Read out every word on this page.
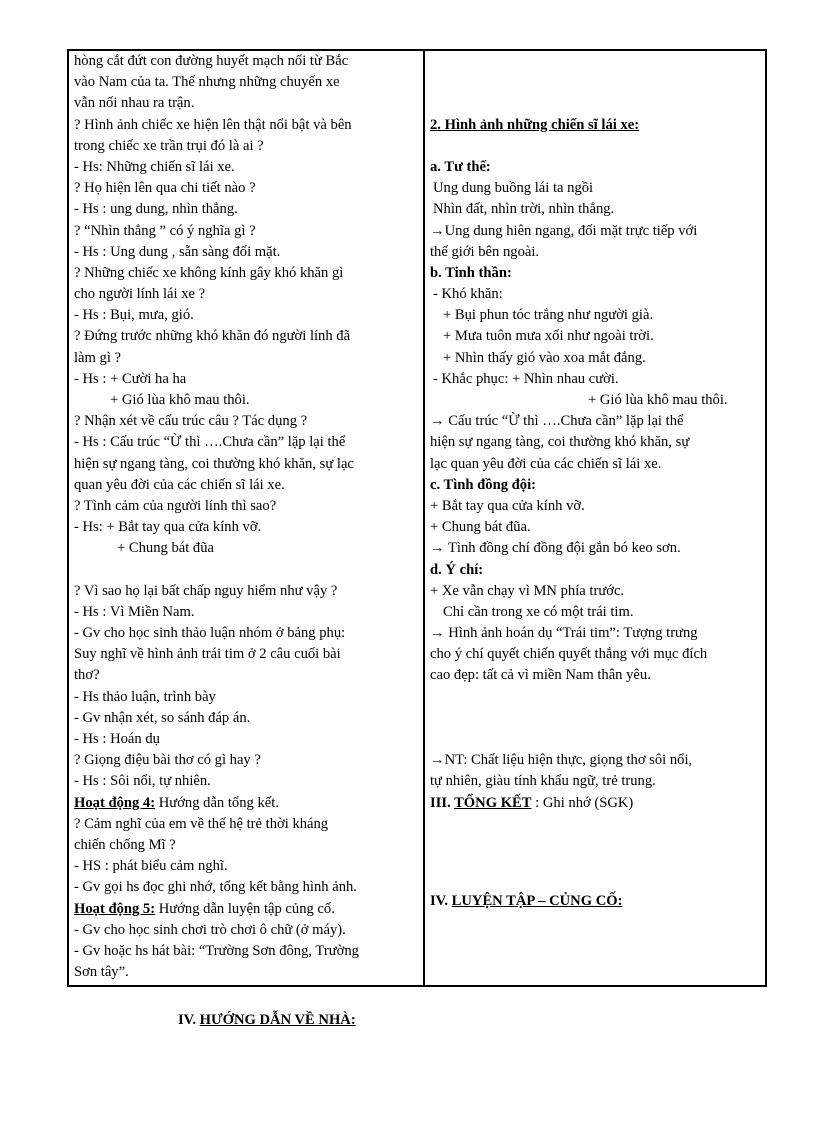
hòng cắt đứt con đường huyết mạch nối từ Bắc
vào Nam của ta. Thế nhưng những chuyến xe
vẫn nối nhau ra trận.
? Hình ảnh chiếc xe hiện lên thật nổi bật và bên
trong chiếc xe trần trụi đó là ai ?
- Hs: Những chiến sĩ lái xe.
? Họ hiện lên qua chi tiết nào ?
- Hs : ung dung, nhìn thẳng.
? “Nhìn thẳng ” có ý nghĩa gì ?
- Hs : Ung dung , sẵn sàng đối mặt.
? Những chiếc xe không kính gây khó khăn gì
cho người lính lái xe ?
- Hs : Bụi, mưa, gió.
? Đứng trước những khó khăn đó người lính đã
làm gì ?
- Hs : + Cười ha ha
+ Gió lùa khô mau thôi.
? Nhận xét về cấu trúc câu ? Tác dụng ?
- Hs : Cấu trúc “Ừ thì ….Chưa cần” lặp lại thể
hiện sự ngang tàng, coi thường khó khăn, sự lạc
quan yêu đời của các chiến sĩ lái xe.
? Tình cảm của người lính thì sao?
- Hs: + Bắt tay qua cửa kính vỡ.
+ Chung bát đũa
? Vì sao họ lại bất chấp nguy hiểm như vậy ?
- Hs : Vì Miền Nam.
- Gv cho học sinh thảo luận nhóm ở bảng phụ:
Suy nghĩ về hình ảnh trái tim ở 2 câu cuối bài
thơ?
- Hs thảo luận, trình bày
- Gv nhận xét, so sánh đáp án.
- Hs : Hoán dụ
? Giọng điệu bài thơ có gì hay ?
- Hs : Sôi nổi, tự nhiên.
Hoạt động 4: Hướng dẫn tổng kết.
? Cảm nghĩ của em về thế hệ trẻ thời kháng
chiến chống Mĩ ?
- HS : phát biểu cảm nghĩ.
- Gv gọi hs đọc ghi nhớ, tổng kết bằng hình ảnh.
Hoạt động 5: Hướng dẫn luyện tập củng cố.
- Gv cho học sinh chơi trò chơi ô chữ (ở máy).
- Gv hoặc hs hát bài: “Trường Sơn đông, Trường
Sơn tây”.
2. Hình ảnh những chiến sĩ lái xe:
a. Tư thế:
Ung dung buồng lái ta ngồi
Nhìn đất, nhìn trời, nhìn thẳng.
→Ung dung hiên ngang, đối mặt trực tiếp với
thế giới bên ngoài.
b. Tinh thần:
- Khó khăn:
+ Bụi phun tóc trắng như người già.
+ Mưa tuôn mưa xối như ngoài trời.
+ Nhìn thấy gió vào xoa mắt đắng.
- Khắc phục: + Nhìn nhau cười.
+ Gió lùa khô mau thôi.
→ Cấu trúc “Ừ thì ….Chưa cần” lặp lại thể
hiện sự ngang tàng, coi thường khó khăn, sự
lạc quan yêu đời của các chiến sĩ lái xe.
c. Tình đồng đội:
+ Bắt tay qua cửa kính vỡ.
+ Chung bát đũa.
→ Tình đồng chí đồng đội gắn bó keo sơn.
d. Ý chí:
+ Xe vẫn chạy vì MN phía trước.
Chỉ cần trong xe có một trái tim.
→ Hình ảnh hoán dụ “Trái tim”: Tượng trưng
cho ý chí quyết chiến quyết thắng với mục đích
cao đẹp: tất cả vì miền Nam thân yêu.
→NT: Chất liệu hiện thực, giọng thơ sôi nổi,
tự nhiên, giàu tính khẩu ngữ, trẻ trung.
III. TỔNG KẾT : Ghi nhớ (SGK)
IV. LUYỆN TẬP – CỦNG CỐ:
IV. HƯỚNG DẪN VỀ NHÀ:
